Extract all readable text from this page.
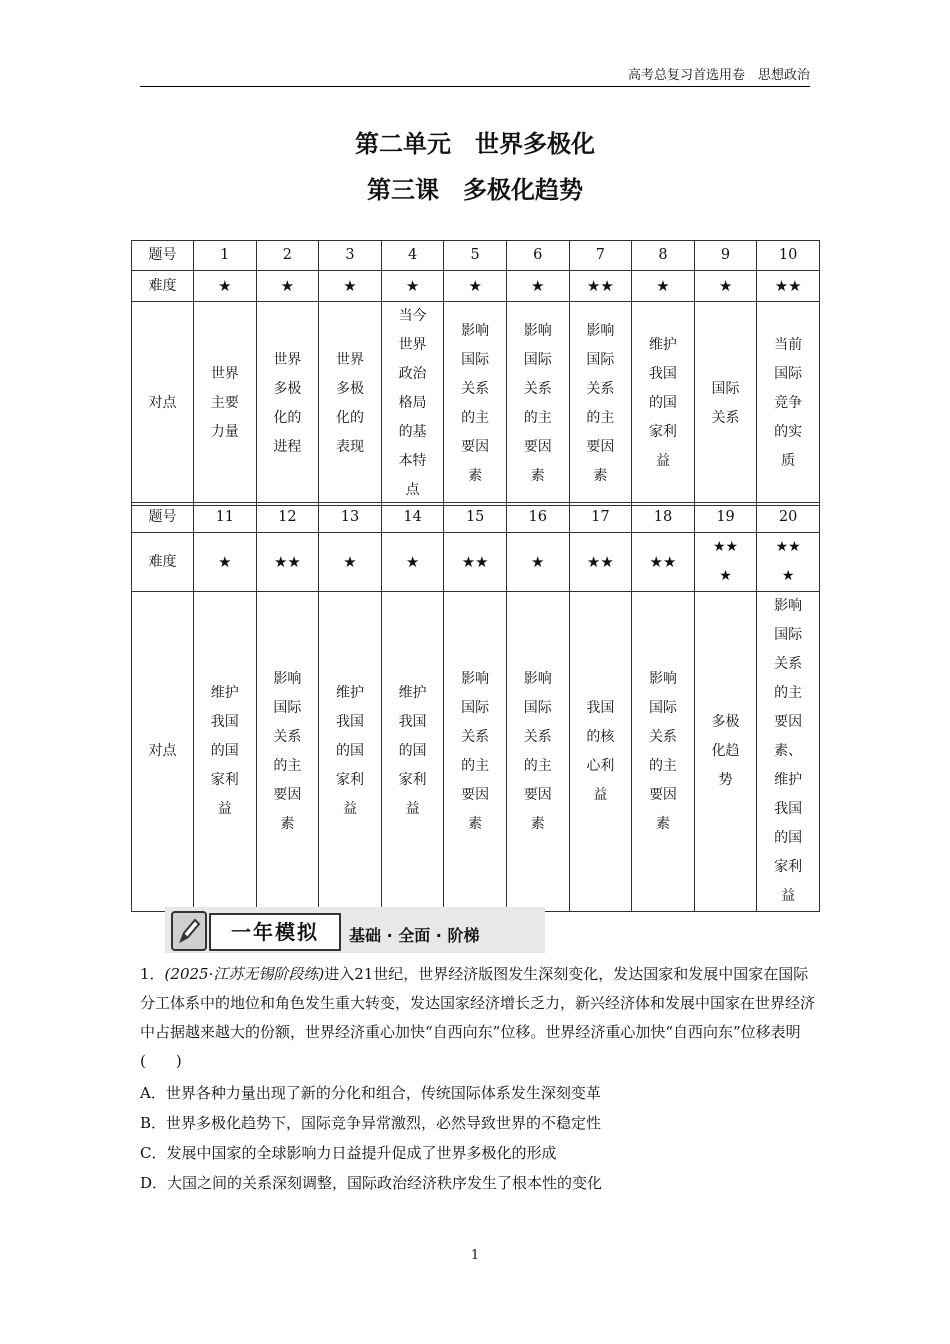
高考总复习首选用卷　思想政治
第二单元　世界多极化
第三课　多极化趋势
题号	1	2	3	4	5	6	7	8	9	10
难度	★	★	★	★	★	★	★★	★	★	★★
对点	世界主要力量	世界多极化的进程	世界多极化的表现	当今世界政治格局的基本特点	影响国际关系的主要因素	影响国际关系的主要因素	影响国际关系的主要因素	维护我国的国家利益	国际关系	当前国际竞争的实质
题号	11	12	13	14	15	16	17	18	19	20
难度	★	★★	★	★	★★	★	★★	★★	★★★	★★★
对点	维护我国的国家利益	影响国际关系的主要因素	维护我国的国家利益	维护我国的国家利益	影响国际关系的主要因素	影响国际关系的主要因素	我国的核心利益	影响国际关系的主要因素	多极化趋势	影响国际关系的主要因素、维护我国的国家利益
一年模拟	基础 · 全面 · 阶梯
1．(2025·江苏无锡阶段练)进入21世纪，世界经济版图发生深刻变化，发达国家和发展中国家在国际分工体系中的地位和角色发生重大转变，发达国家经济增长乏力，新兴经济体和发展中国家在世界经济中占据越来越大的份额，世界经济重心加快“自西向东”位移。世界经济重心加快“自西向东”位移表明(　　)
A．世界各种力量出现了新的分化和组合，传统国际体系发生深刻变革
B．世界多极化趋势下，国际竞争异常激烈，必然导致世界的不稳定性
C．发展中国家的全球影响力日益提升促成了世界多极化的形成
D．大国之间的关系深刻调整，国际政治经济秩序发生了根本性的变化
1
